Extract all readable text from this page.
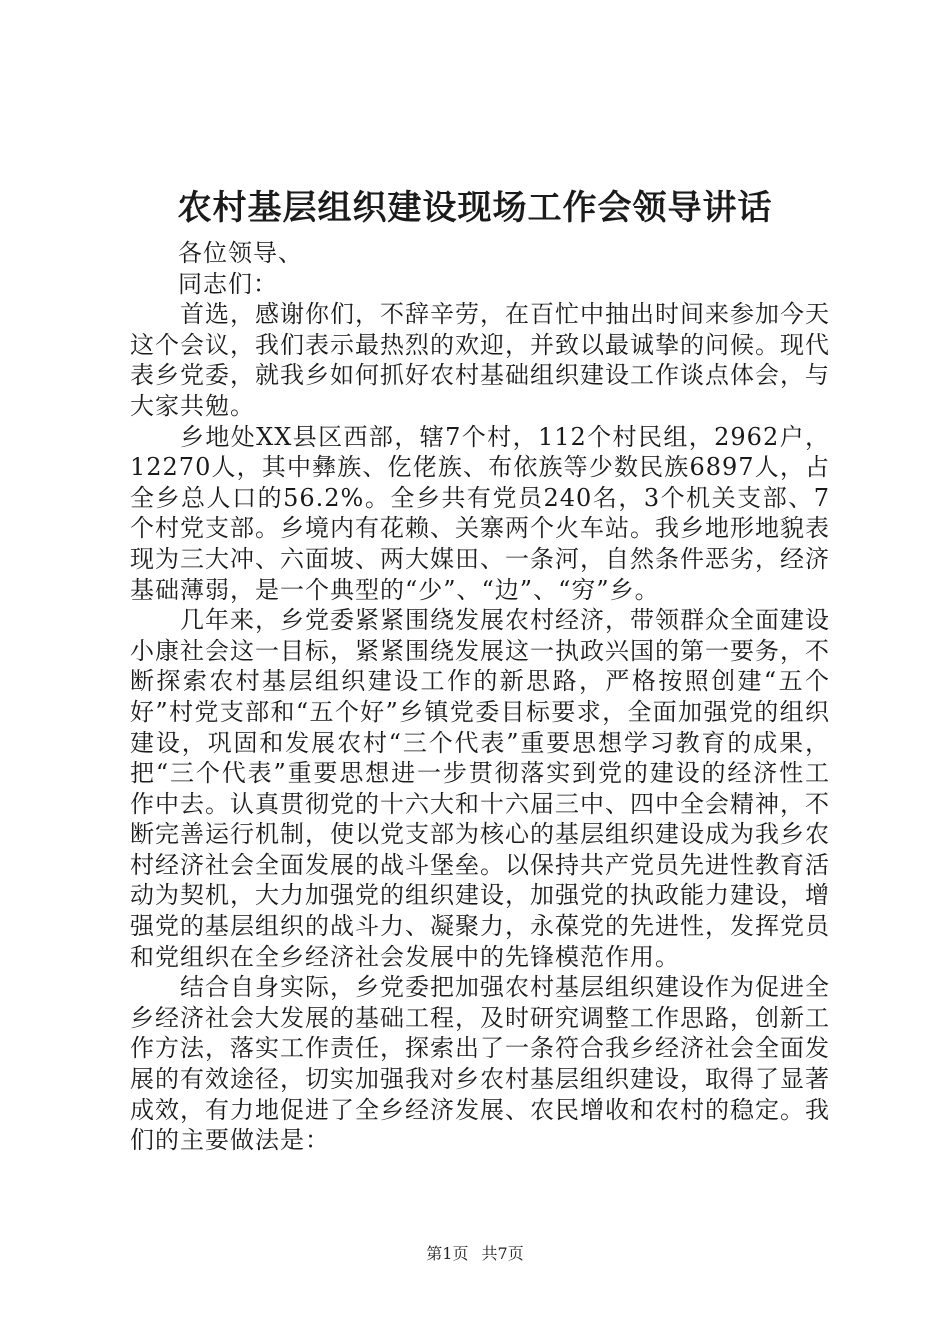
农村基层组织建设现场工作会领导讲话

各位领导、

同志们：

首选，感谢你们，不辞辛劳，在百忙中抽出时间来参加今天这个会议，我们表示最热烈的欢迎，并致以最诚挚的问候。现代表乡党委，就我乡如何抓好农村基础组织建设工作谈点体会，与大家共勉。

乡地处XX县区西部，辖7个村，112个村民组，2962户，12270人，其中彝族、仡佬族、布依族等少数民族6897人，占全乡总人口的56.2%。全乡共有党员240名，3个机关支部、7个村党支部。乡境内有花赖、关寨两个火车站。我乡地形地貌表现为三大冲、六面坡、两大媒田、一条河，自然条件恶劣，经济基础薄弱，是一个典型的“少”、“边”、“穷”乡。

几年来，乡党委紧紧围绕发展农村经济，带领群众全面建设小康社会这一目标，紧紧围绕发展这一执政兴国的第一要务，不断探索农村基层组织建设工作的新思路，严格按照创建“五个好”村党支部和“五个好”乡镇党委目标要求，全面加强党的组织建设，巩固和发展农村“三个代表”重要思想学习教育的成果，把“三个代表”重要思想进一步贯彻落实到党的建设的经济性工作中去。认真贯彻党的十六大和十六届三中、四中全会精神，不断完善运行机制，使以党支部为核心的基层组织建设成为我乡农村经济社会全面发展的战斗堡垒。以保持共产党员先进性教育活动为契机，大力加强党的组织建设，加强党的执政能力建设，增强党的基层组织的战斗力、凝聚力，永葆党的先进性，发挥党员和党组织在全乡经济社会发展中的先锋模范作用。

结合自身实际，乡党委把加强农村基层组织建设作为促进全乡经济社会大发展的基础工程，及时研究调整工作思路，创新工作方法，落实工作责任，探索出了一条符合我乡经济社会全面发展的有效途径，切实加强我对乡农村基层组织建设，取得了显著成效，有力地促进了全乡经济发展、农民增收和农村的稳定。我们的主要做法是：

第1页 共7页
